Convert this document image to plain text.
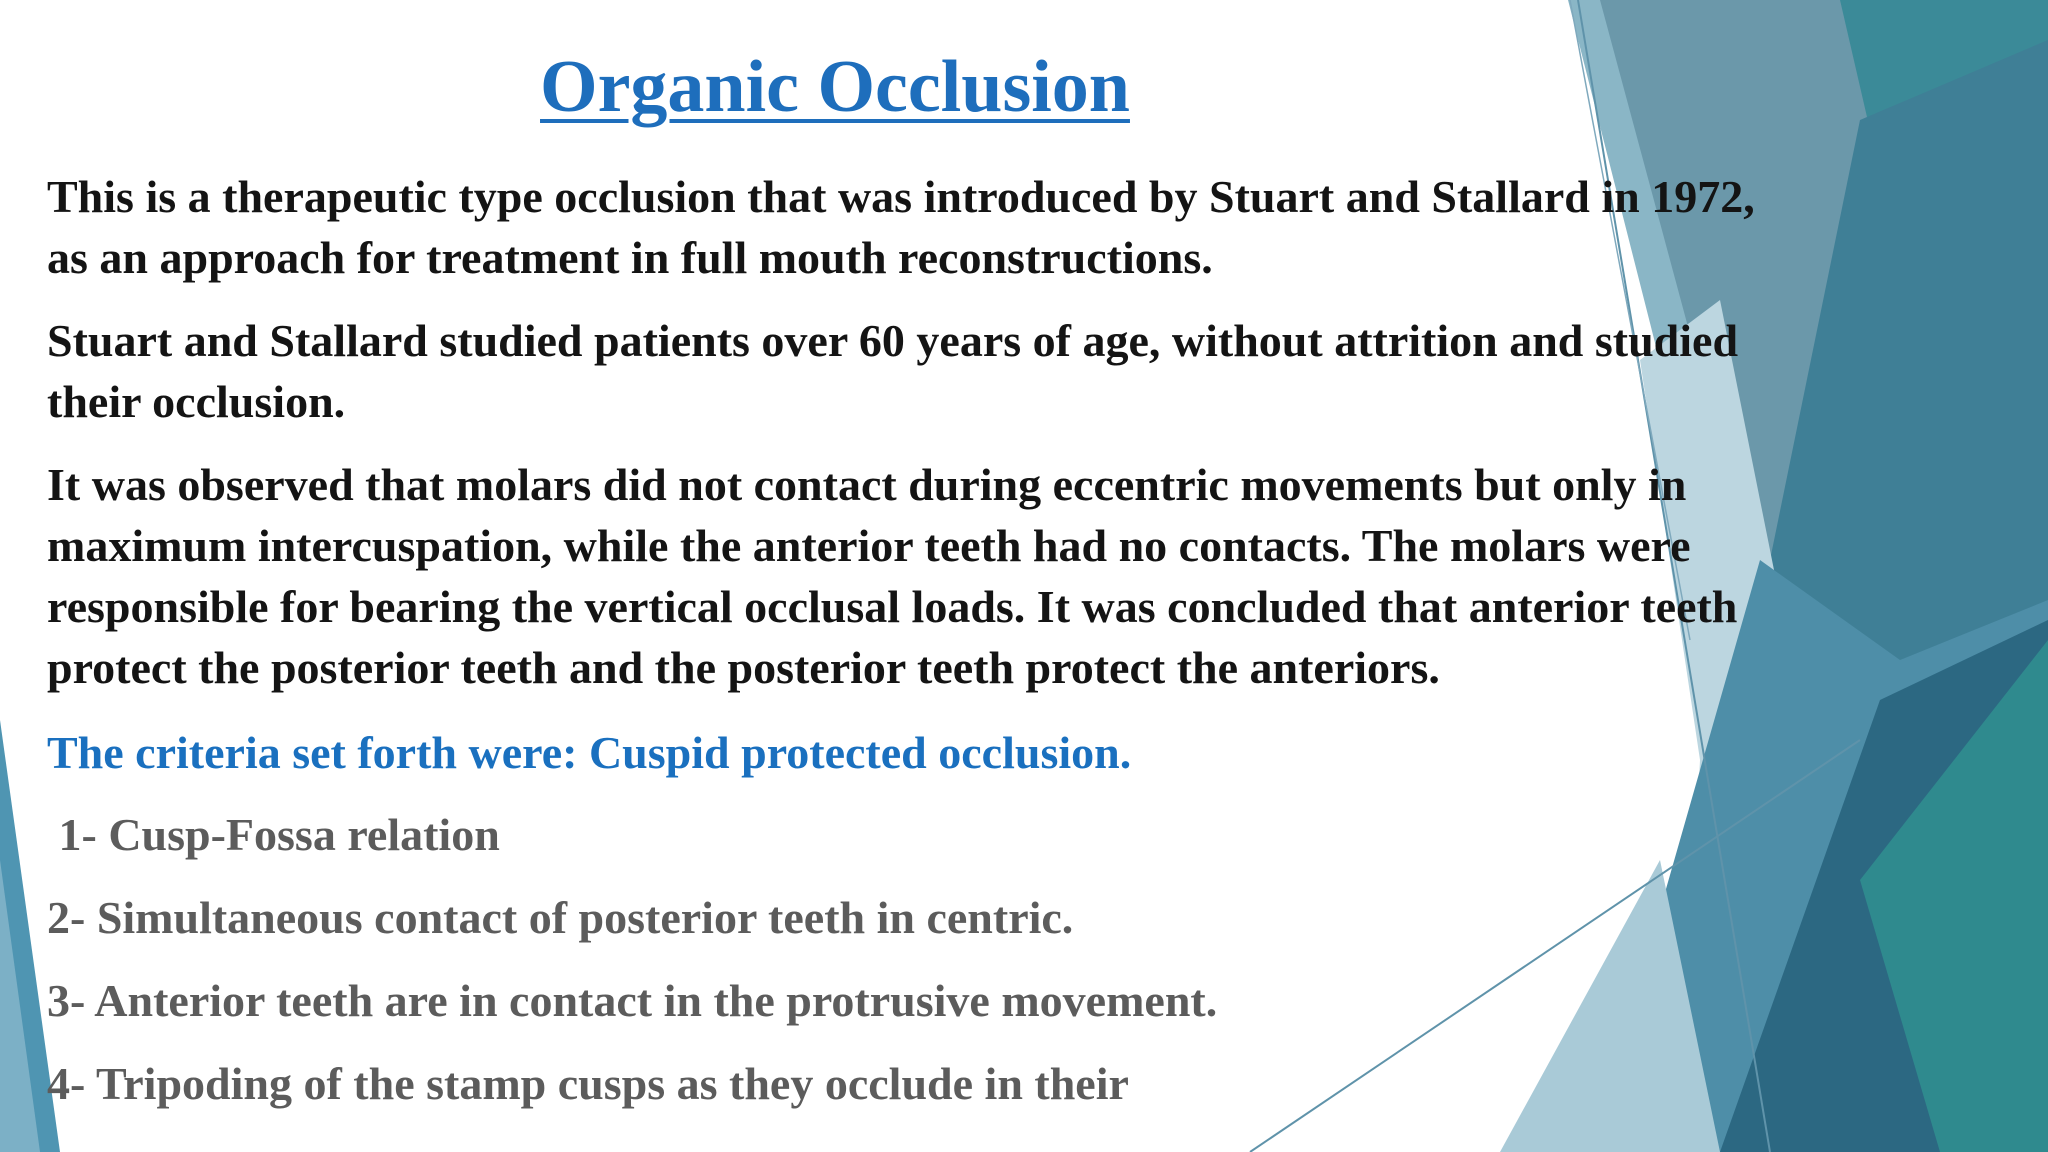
Organic Occlusion
This is a therapeutic type occlusion that was introduced by Stuart and Stallard in 1972,
as an approach for treatment in full mouth reconstructions.
Stuart and Stallard studied patients over 60 years of age, without attrition and studied
their occlusion.
It was observed that molars did not contact during eccentric movements but only in
maximum intercuspation, while the anterior teeth had no contacts. The molars were
responsible for bearing the vertical occlusal loads. It was concluded that anterior teeth
protect the posterior teeth and the posterior teeth protect the anteriors.
The criteria set forth were: Cuspid protected occlusion.
1- Cusp-Fossa relation
2- Simultaneous contact of posterior teeth in centric.
3- Anterior teeth are in contact in the protrusive movement.
4- Tripoding of the stamp cusps as they occlude in their
